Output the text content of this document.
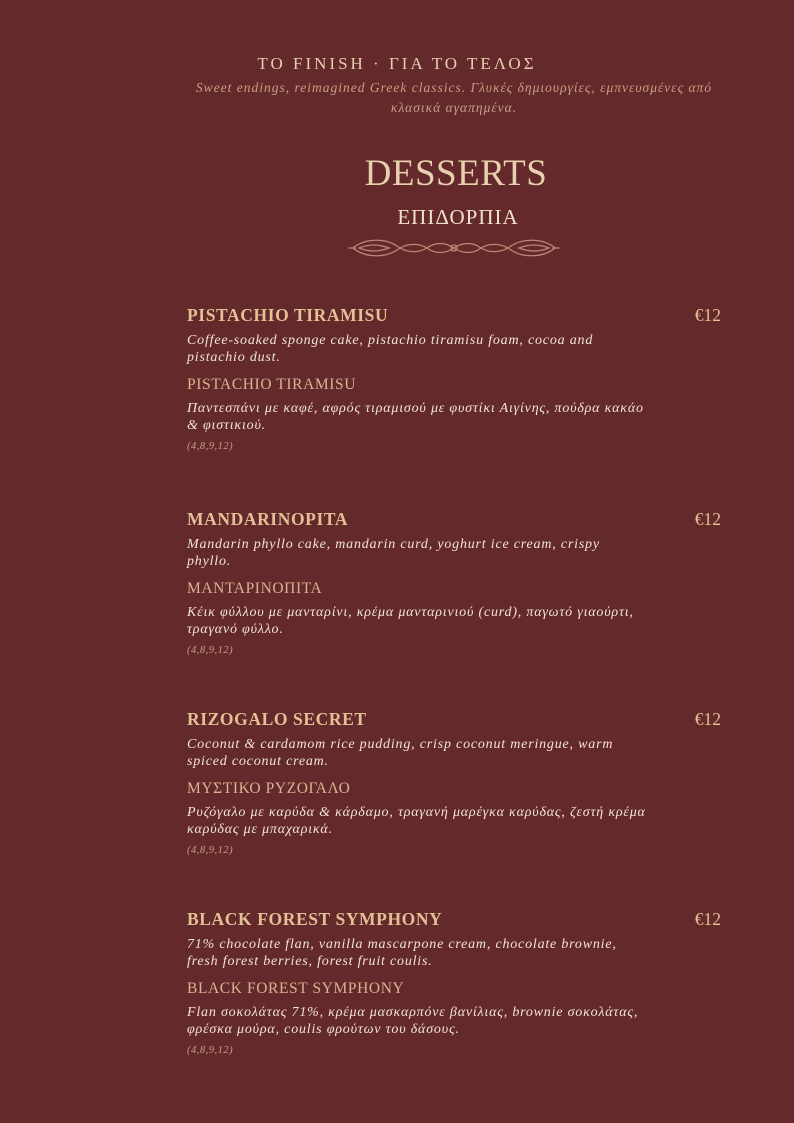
TO FINISH · ΓΙΑ ΤΟ ΤΕΛΟΣ
Sweet endings, reimagined Greek classics. Γλυκές δημιουργίες, εμπνευσμένες από κλασικά αγαπημένα.
DESSERTS
ΕΠΙΔΟΡΠΙΑ
PISTACHIO TIRAMISU	€12
Coffee-soaked sponge cake, pistachio tiramisu foam, cocoa and pistachio dust.
PISTACHIO TIRAMISU
Παντεσπάνι με καφέ, αφρός τιραμισού με φυστίκι Αιγίνης, πούδρα κακάο & φιστικιού.
(4,8,9,12)
MANDARINOPITA	€12
Mandarin phyllo cake, mandarin curd, yoghurt ice cream, crispy phyllo.
ΜΑΝΤΑΡΙΝΟΠΙΤΑ
Κέικ φύλλου με μανταρίνι, κρέμα μανταρινιού (curd), παγωτό γιαούρτι, τραγανό φύλλο.
(4,8,9,12)
RIZOGALO SECRET	€12
Coconut & cardamom rice pudding, crisp coconut meringue, warm spiced coconut cream.
ΜΥΣΤΙΚΟ ΡΥΖΟΓΑΛΟ
Ρυζόγαλο με καρύδα & κάρδαμο, τραγανή μαρέγκα καρύδας, ζεστή κρέμα καρύδας με μπαχαρικά.
(4,8,9,12)
BLACK FOREST SYMPHONY	€12
71% chocolate flan, vanilla mascarpone cream, chocolate brownie, fresh forest berries, forest fruit coulis.
BLACK FOREST SYMPHONY
Flan σοκολάτας 71%, κρέμα μασκαρπόνε βανίλιας, brownie σοκολάτας, φρέσκα μούρα, coulis φρούτων του δάσους.
(4,8,9,12)
